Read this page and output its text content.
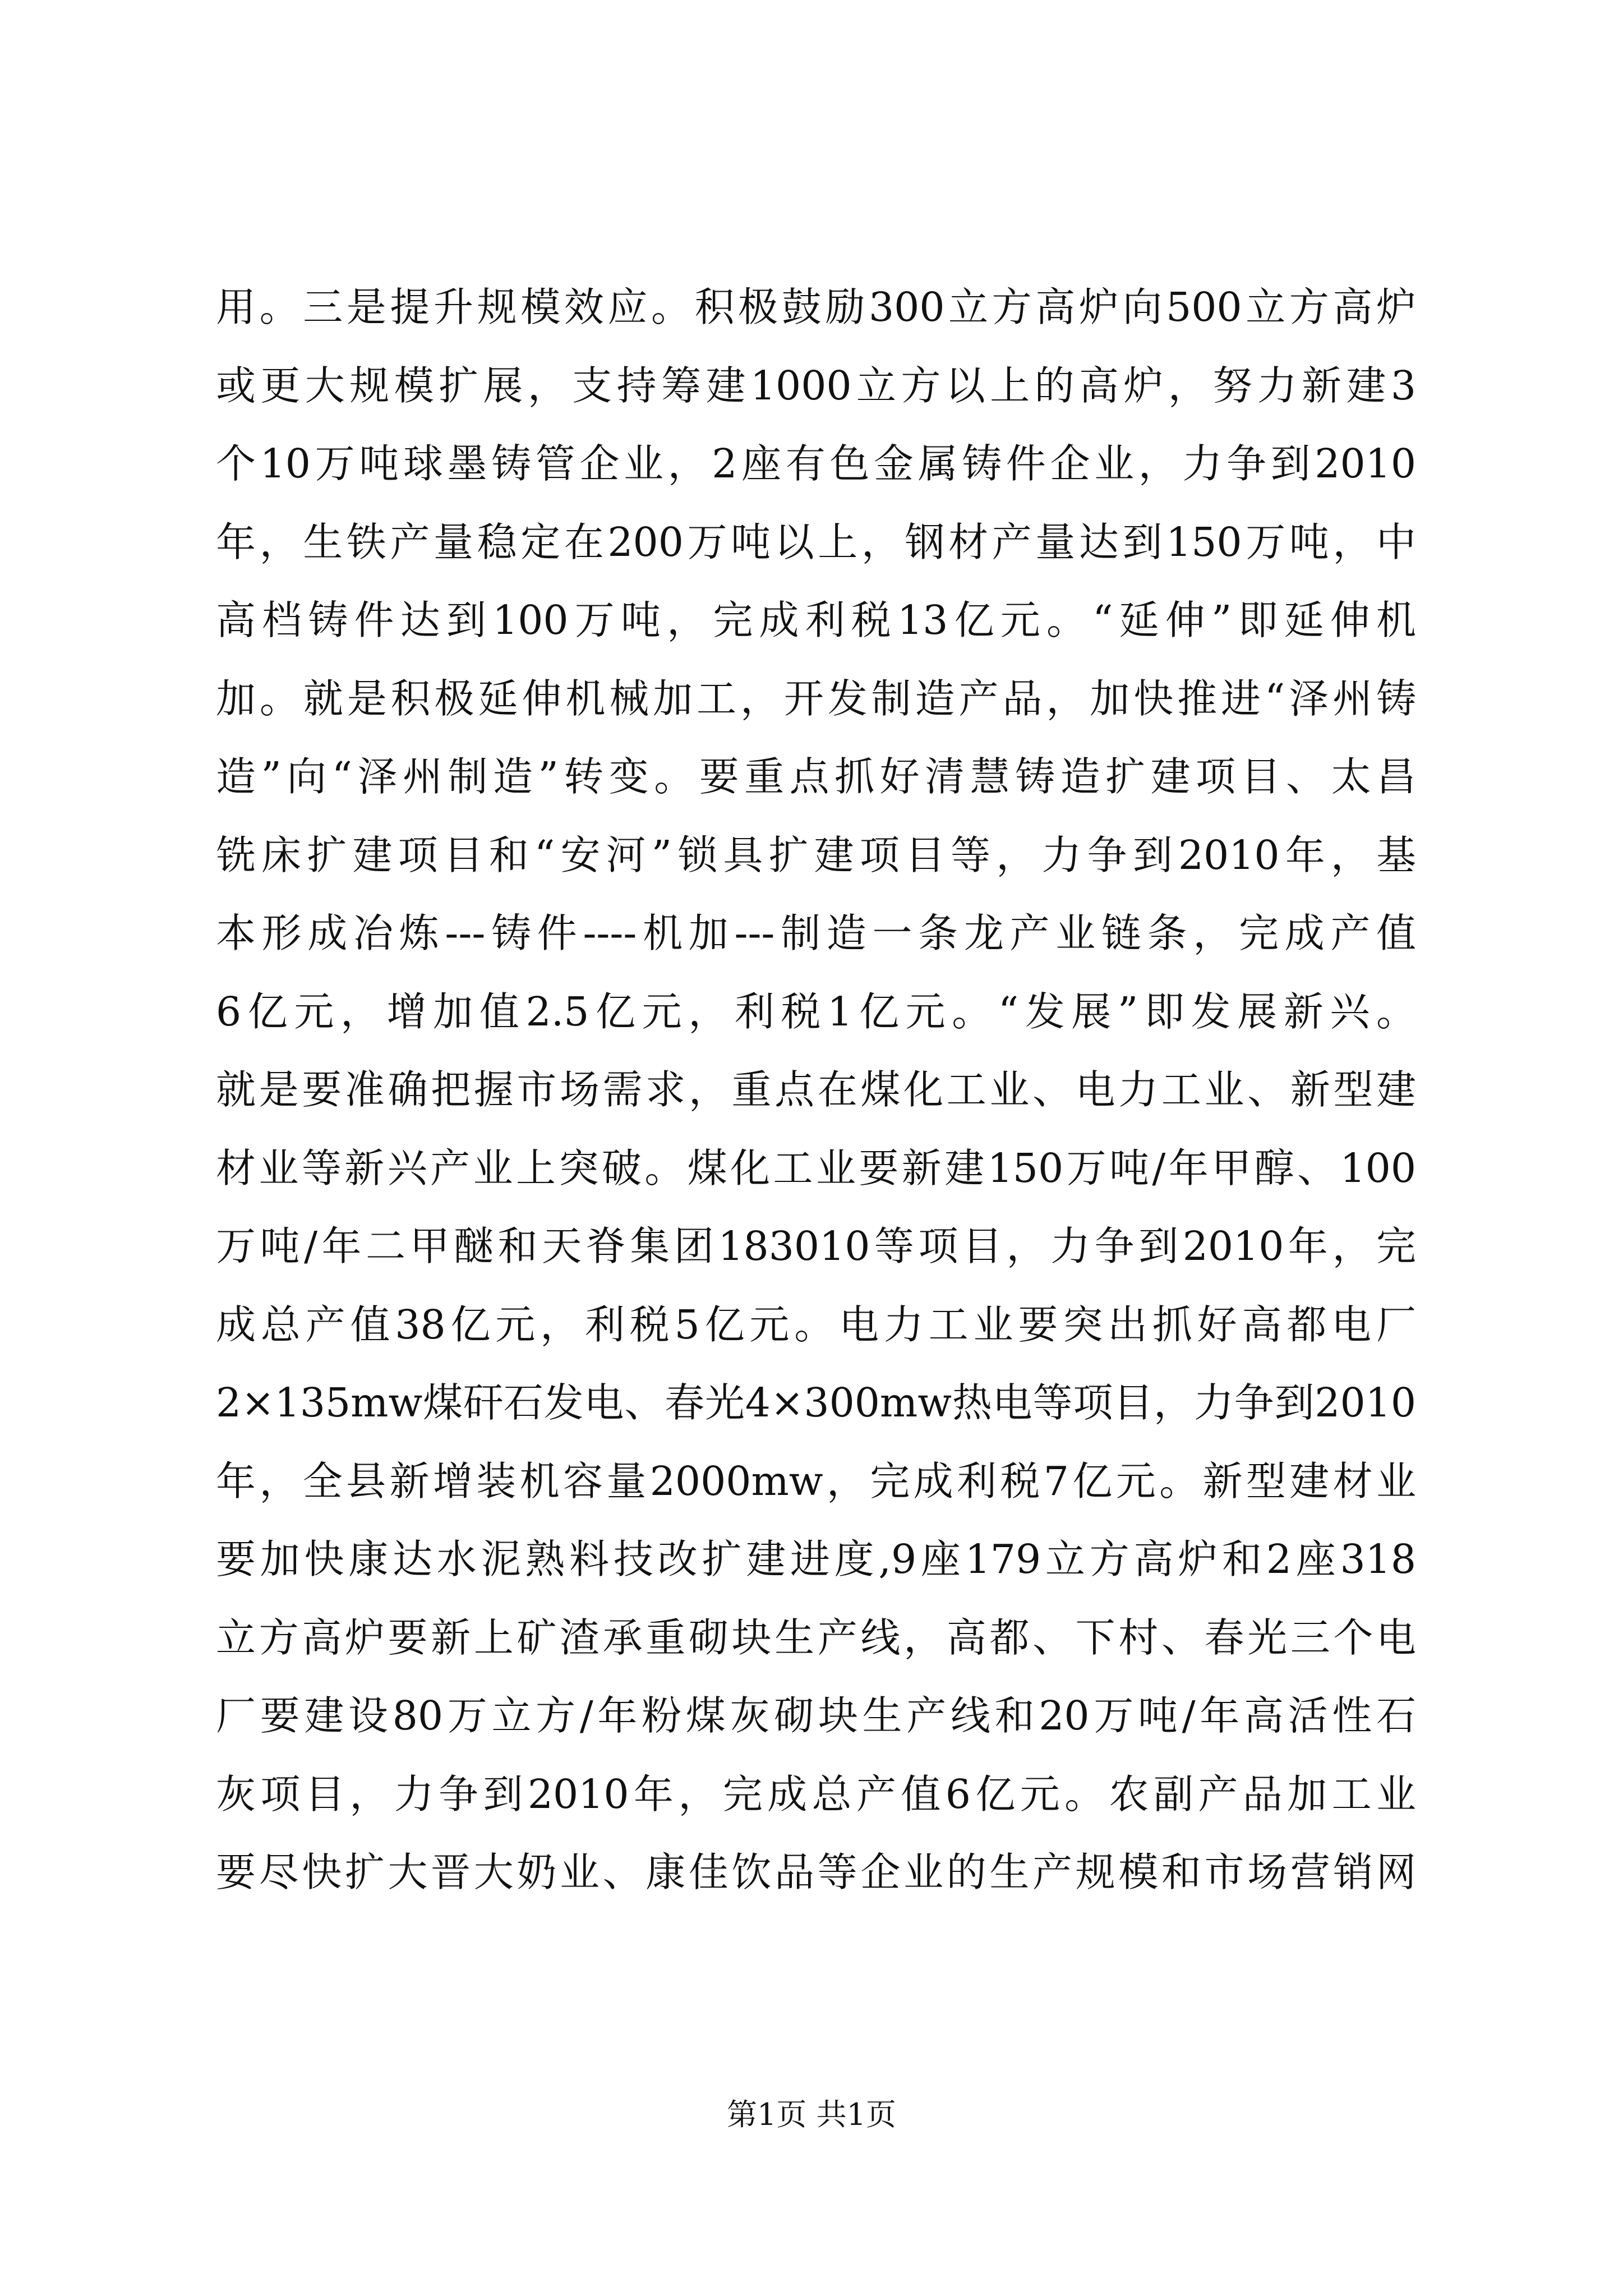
用。三是提升规模效应。积极鼓励300立方高炉向500立方高炉
或更大规模扩展，支持筹建1000立方以上的高炉，努力新建3
个10万吨球墨铸管企业，2座有色金属铸件企业，力争到2010
年，生铁产量稳定在200万吨以上，钢材产量达到150万吨，中
高档铸件达到100万吨，完成利税13亿元。“延伸”即延伸机
加。就是积极延伸机械加工，开发制造产品，加快推进“泽州铸
造”向“泽州制造”转变。要重点抓好清慧铸造扩建项目、太昌
铣床扩建项目和“安河”锁具扩建项目等，力争到2010年，基
本形成冶炼---铸件----机加---制造一条龙产业链条，完成产值
6亿元，增加值2.5亿元，利税1亿元。“发展”即发展新兴。
就是要准确把握市场需求，重点在煤化工业、电力工业、新型建
材业等新兴产业上突破。煤化工业要新建150万吨/年甲醇、100
万吨/年二甲醚和天脊集团183010等项目，力争到2010年，完
成总产值38亿元，利税5亿元。电力工业要突出抓好高都电厂
2×135mw煤矸石发电、春光4×300mw热电等项目，力争到2010
年，全县新增装机容量2000mw，完成利税7亿元。新型建材业
要加快康达水泥熟料技改扩建进度,9座179立方高炉和2座318
立方高炉要新上矿渣承重砌块生产线，高都、下村、春光三个电
厂要建设80万立方/年粉煤灰砌块生产线和20万吨/年高活性石
灰项目，力争到2010年，完成总产值6亿元。农副产品加工业
要尽快扩大晋大奶业、康佳饮品等企业的生产规模和市场营销网
第1页 共1页
